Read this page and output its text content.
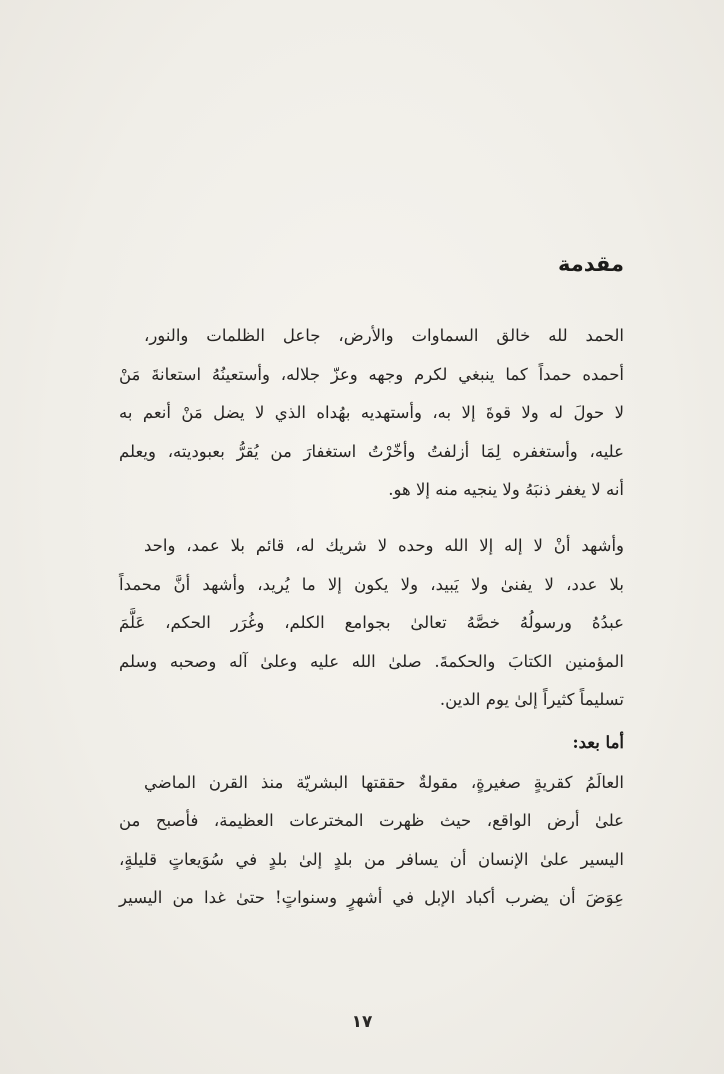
مقدمة
الحمد لله خالق السماوات والأرض، جاعل الظلمات والنور،
أحمده حمداً كما ينبغي لكرم وجهه وعزّ جلاله، وأستعينُهُ استعانةَ مَنْ
لا حولَ له ولا قوةَ إلا به، وأستهديه بهُداه الذي لا يضل مَنْ أنعم به
عليه، وأستغفره لِمَا أزلفتُ وأخّرْتُ استغفارَ من يُقرُّ بعبوديته، ويعلم
أنه لا يغفر ذنبَهُ ولا ينجيه منه إلا هو.
وأشهد أنْ لا إله إلا الله وحده لا شريك له، قائم بلا عمد، واحد
بلا عدد، لا يفنىٰ ولا يَبيد، ولا يكون إلا ما يُريد، وأشهد أنَّ محمداً
عبدُهُ ورسولُهُ خصَّهُ تعالىٰ بجوامع الكلم، وغُرَر الحكم، عَلَّمَ
المؤمنين الكتابَ والحكمةَ. صلىٰ الله عليه وعلىٰ آله وصحبه وسلم
تسليماً كثيراً إلىٰ يوم الدين.
أما بعد:
العالَمُ كقريةٍ صغيرةٍ، مقولةٌ حققتها البشريّة منذ القرن الماضي
علىٰ أرض الواقع، حيث ظهرت المخترعات العظيمة، فأصبح من
اليسير علىٰ الإنسان أن يسافر من بلدٍ إلىٰ بلدٍ في سُوَيعاتٍ قليلةٍ،
عِوَضَ أن يضرب أكباد الإبل في أشهرٍ وسنواتٍ! حتىٰ غدا من اليسير
١٧
